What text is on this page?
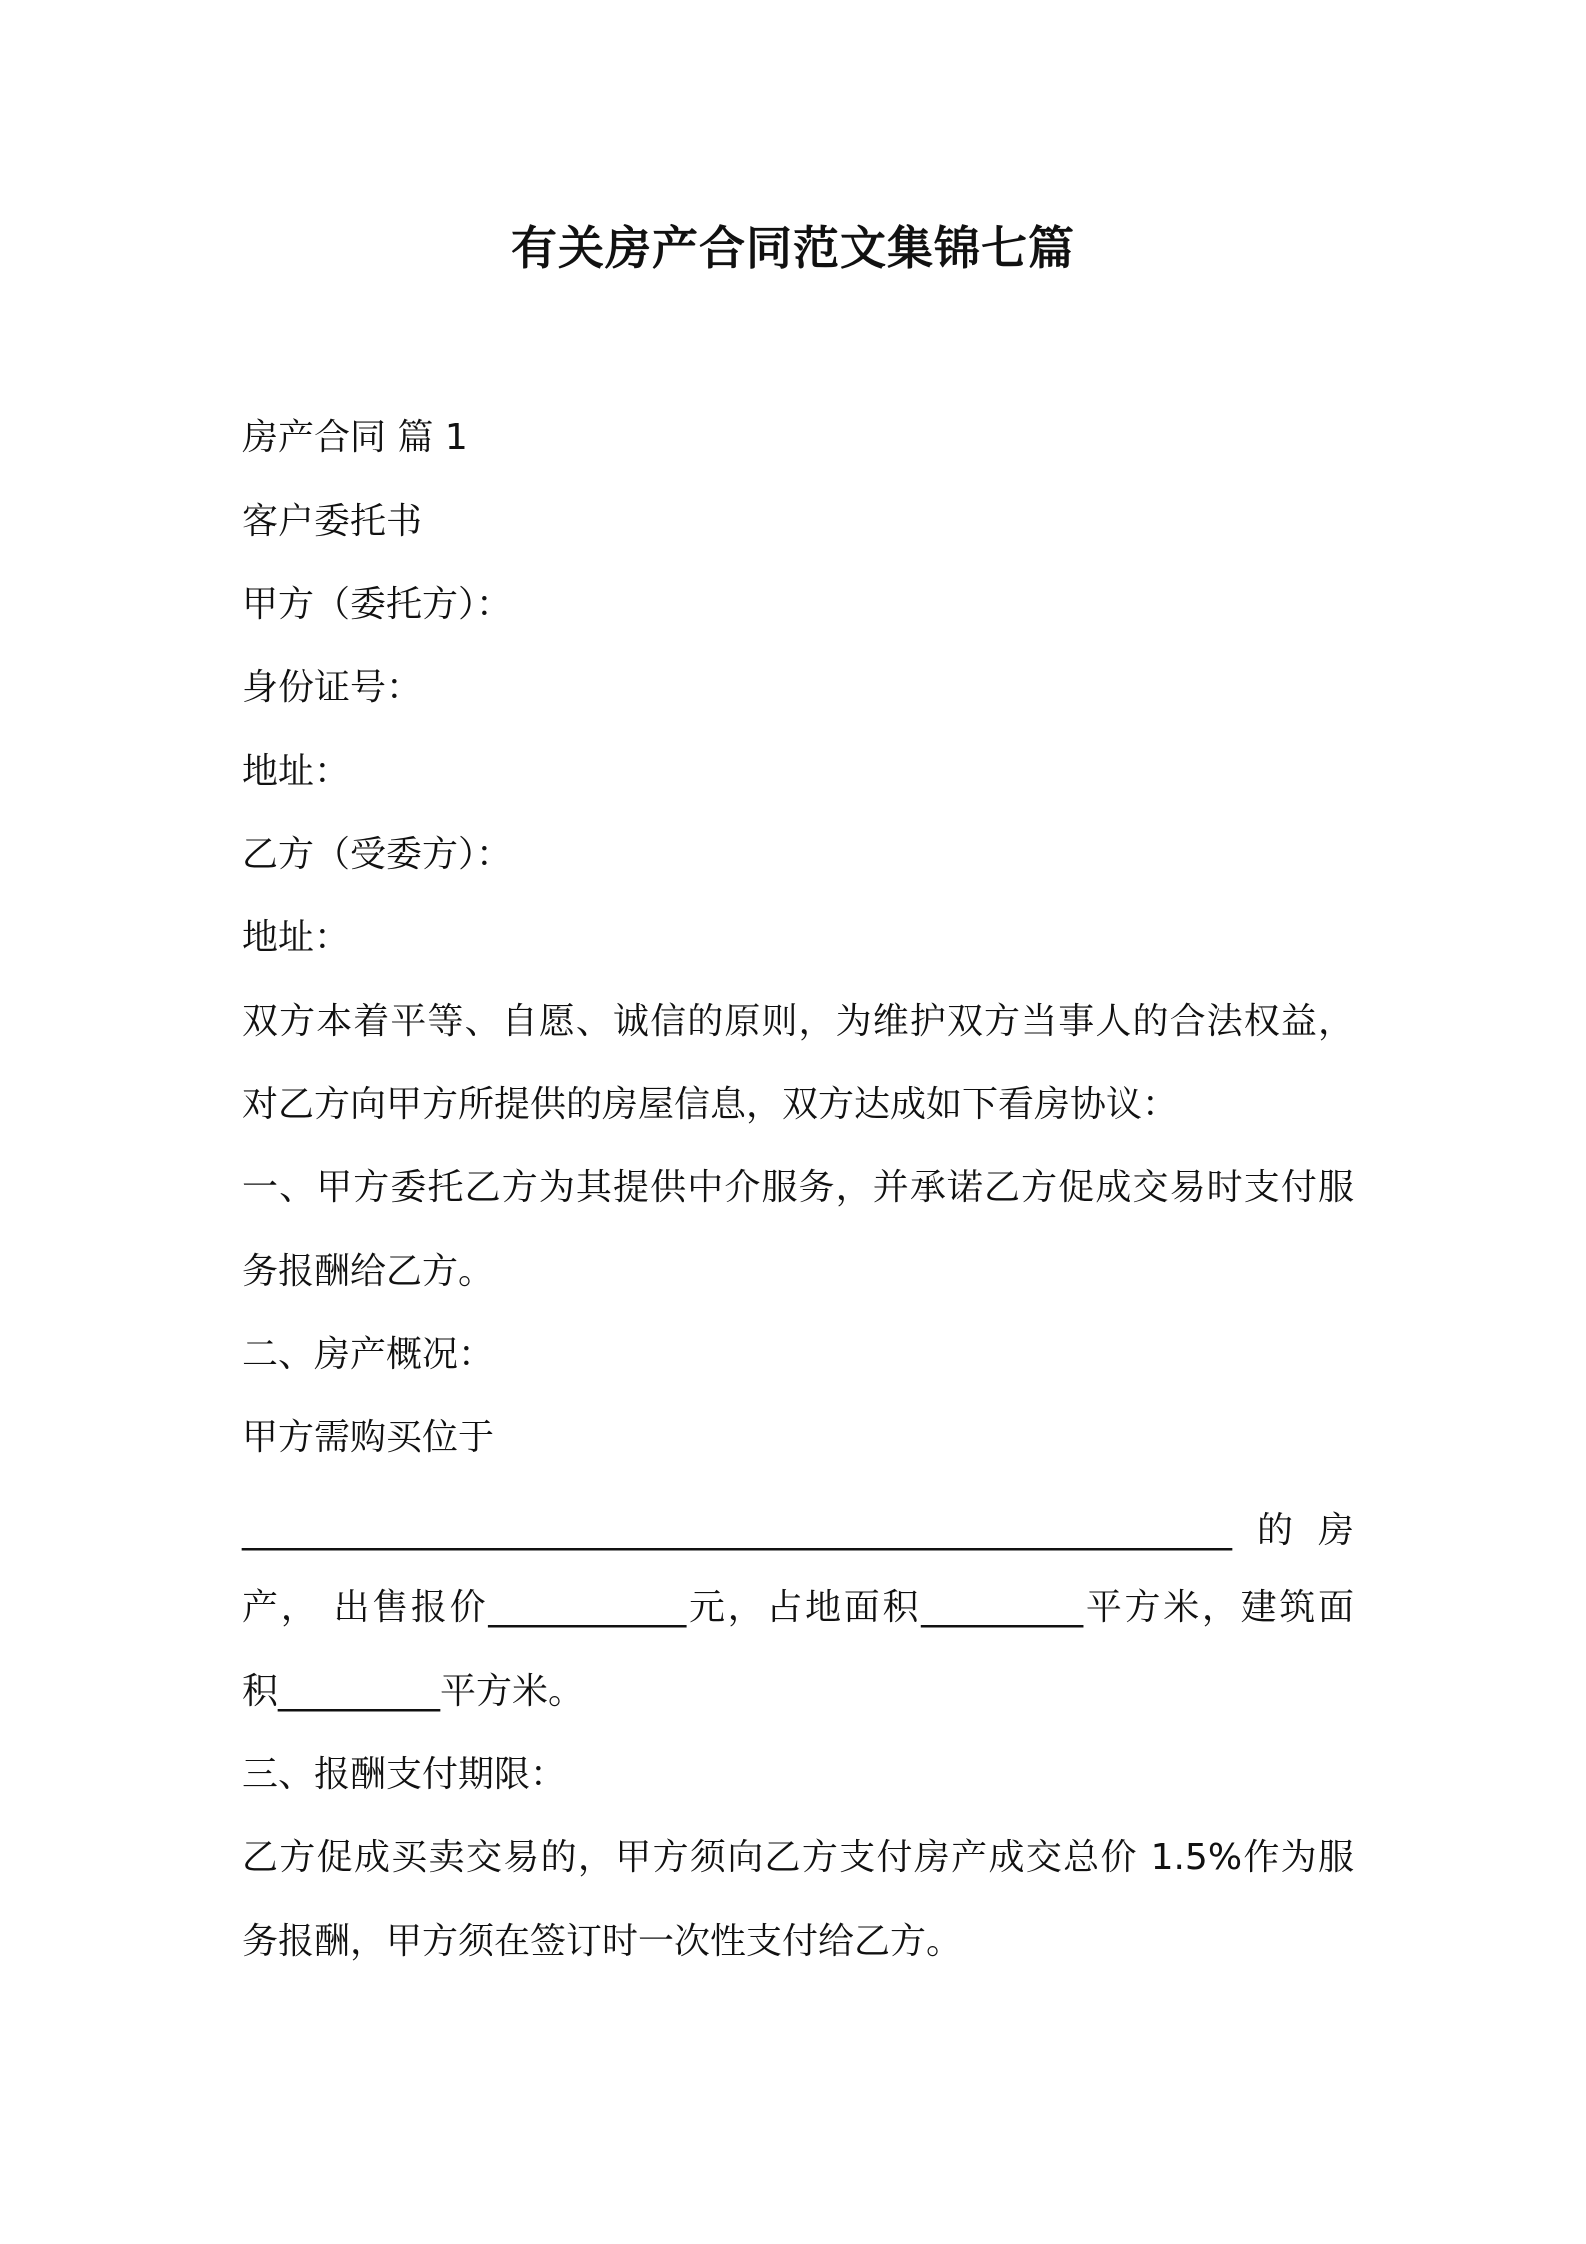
有关房产合同范文集锦七篇
房产合同 篇 1
客户委托书
甲方（委托方）：
身份证号：
地址：
乙方（受委方）：
地址：
双方本着平等、自愿、诚信的原则，为维护双方当事人的合法权益，
对乙方向甲方所提供的房屋信息，双方达成如下看房协议：
一、甲方委托乙方为其提供中介服务，并承诺乙方促成交易时支付服
务报酬给乙方。
二、房产概况：
甲方需购买位于
_______________________________________________________的房
产， 出售报价___________元，占地面积_________平方米，建筑面
积_________平方米。
三、报酬支付期限：
乙方促成买卖交易的，甲方须向乙方支付房产成交总价 1.5%作为服
务报酬，甲方须在签订时一次性支付给乙方。
